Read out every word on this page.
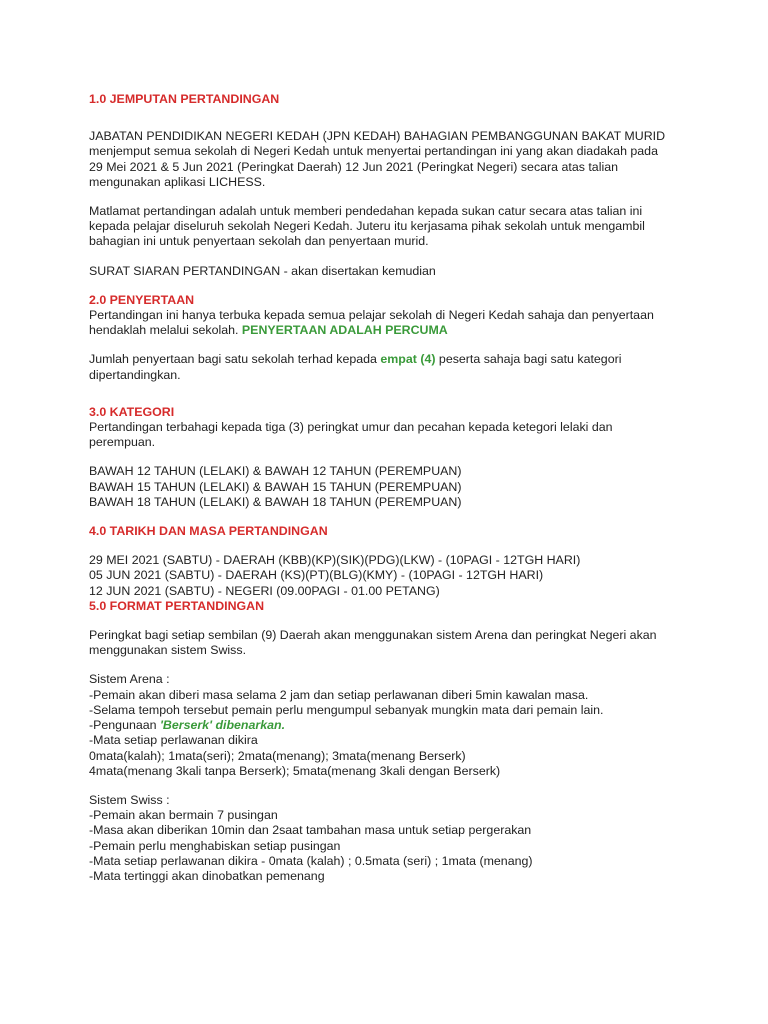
1.0 JEMPUTAN PERTANDINGAN
JABATAN PENDIDIKAN NEGERI KEDAH (JPN KEDAH) BAHAGIAN PEMBANGGUNAN BAKAT MURID
menjemput semua sekolah di Negeri Kedah untuk menyertai pertandingan ini yang akan diadakah pada
29 Mei 2021 & 5 Jun 2021 (Peringkat Daerah) 12 Jun 2021 (Peringkat Negeri) secara atas talian
mengunakan aplikasi LICHESS.
Matlamat pertandingan adalah untuk memberi pendedahan kepada sukan catur secara atas talian ini
kepada pelajar diseluruh sekolah Negeri Kedah. Juteru itu kerjasama pihak sekolah untuk mengambil
bahagian ini untuk penyertaan sekolah dan penyertaan murid.
SURAT SIARAN PERTANDINGAN - akan disertakan kemudian
2.0 PENYERTAAN
Pertandingan ini hanya terbuka kepada semua pelajar sekolah di Negeri Kedah sahaja dan penyertaan
hendaklah melalui sekolah. PENYERTAAN ADALAH PERCUMA
Jumlah penyertaan bagi satu sekolah terhad kepada empat (4) peserta sahaja bagi satu kategori
dipertandingkan.
3.0 KATEGORI
Pertandingan terbahagi kepada tiga (3) peringkat umur dan pecahan kepada ketegori lelaki dan
perempuan.
BAWAH 12 TAHUN (LELAKI) & BAWAH 12 TAHUN (PEREMPUAN)
BAWAH 15 TAHUN (LELAKI) & BAWAH 15 TAHUN (PEREMPUAN)
BAWAH 18 TAHUN (LELAKI) & BAWAH 18 TAHUN (PEREMPUAN)
4.0 TARIKH DAN MASA PERTANDINGAN
29 MEI 2021 (SABTU) - DAERAH (KBB)(KP)(SIK)(PDG)(LKW) - (10PAGI - 12TGH HARI)
05 JUN 2021 (SABTU) - DAERAH (KS)(PT)(BLG)(KMY) - (10PAGI - 12TGH HARI)
12 JUN 2021 (SABTU) - NEGERI (09.00PAGI - 01.00 PETANG)
5.0 FORMAT PERTANDINGAN
Peringkat bagi setiap sembilan (9) Daerah akan menggunakan sistem Arena dan peringkat Negeri akan
menggunakan sistem Swiss.
Sistem Arena :
-Pemain akan diberi masa selama 2 jam dan setiap perlawanan diberi 5min kawalan masa.
-Selama tempoh tersebut pemain perlu mengumpul sebanyak mungkin mata dari pemain lain.
-Pengunaan 'Berserk' dibenarkan.
-Mata setiap perlawanan dikira
0mata(kalah); 1mata(seri); 2mata(menang); 3mata(menang Berserk)
4mata(menang 3kali tanpa Berserk); 5mata(menang 3kali dengan Berserk)
Sistem Swiss :
-Pemain akan bermain 7 pusingan
-Masa akan diberikan 10min dan 2saat tambahan masa untuk setiap pergerakan
-Pemain perlu menghabiskan setiap pusingan
-Mata setiap perlawanan dikira - 0mata (kalah) ; 0.5mata (seri) ; 1mata (menang)
-Mata tertinggi akan dinobatkan pemenang
